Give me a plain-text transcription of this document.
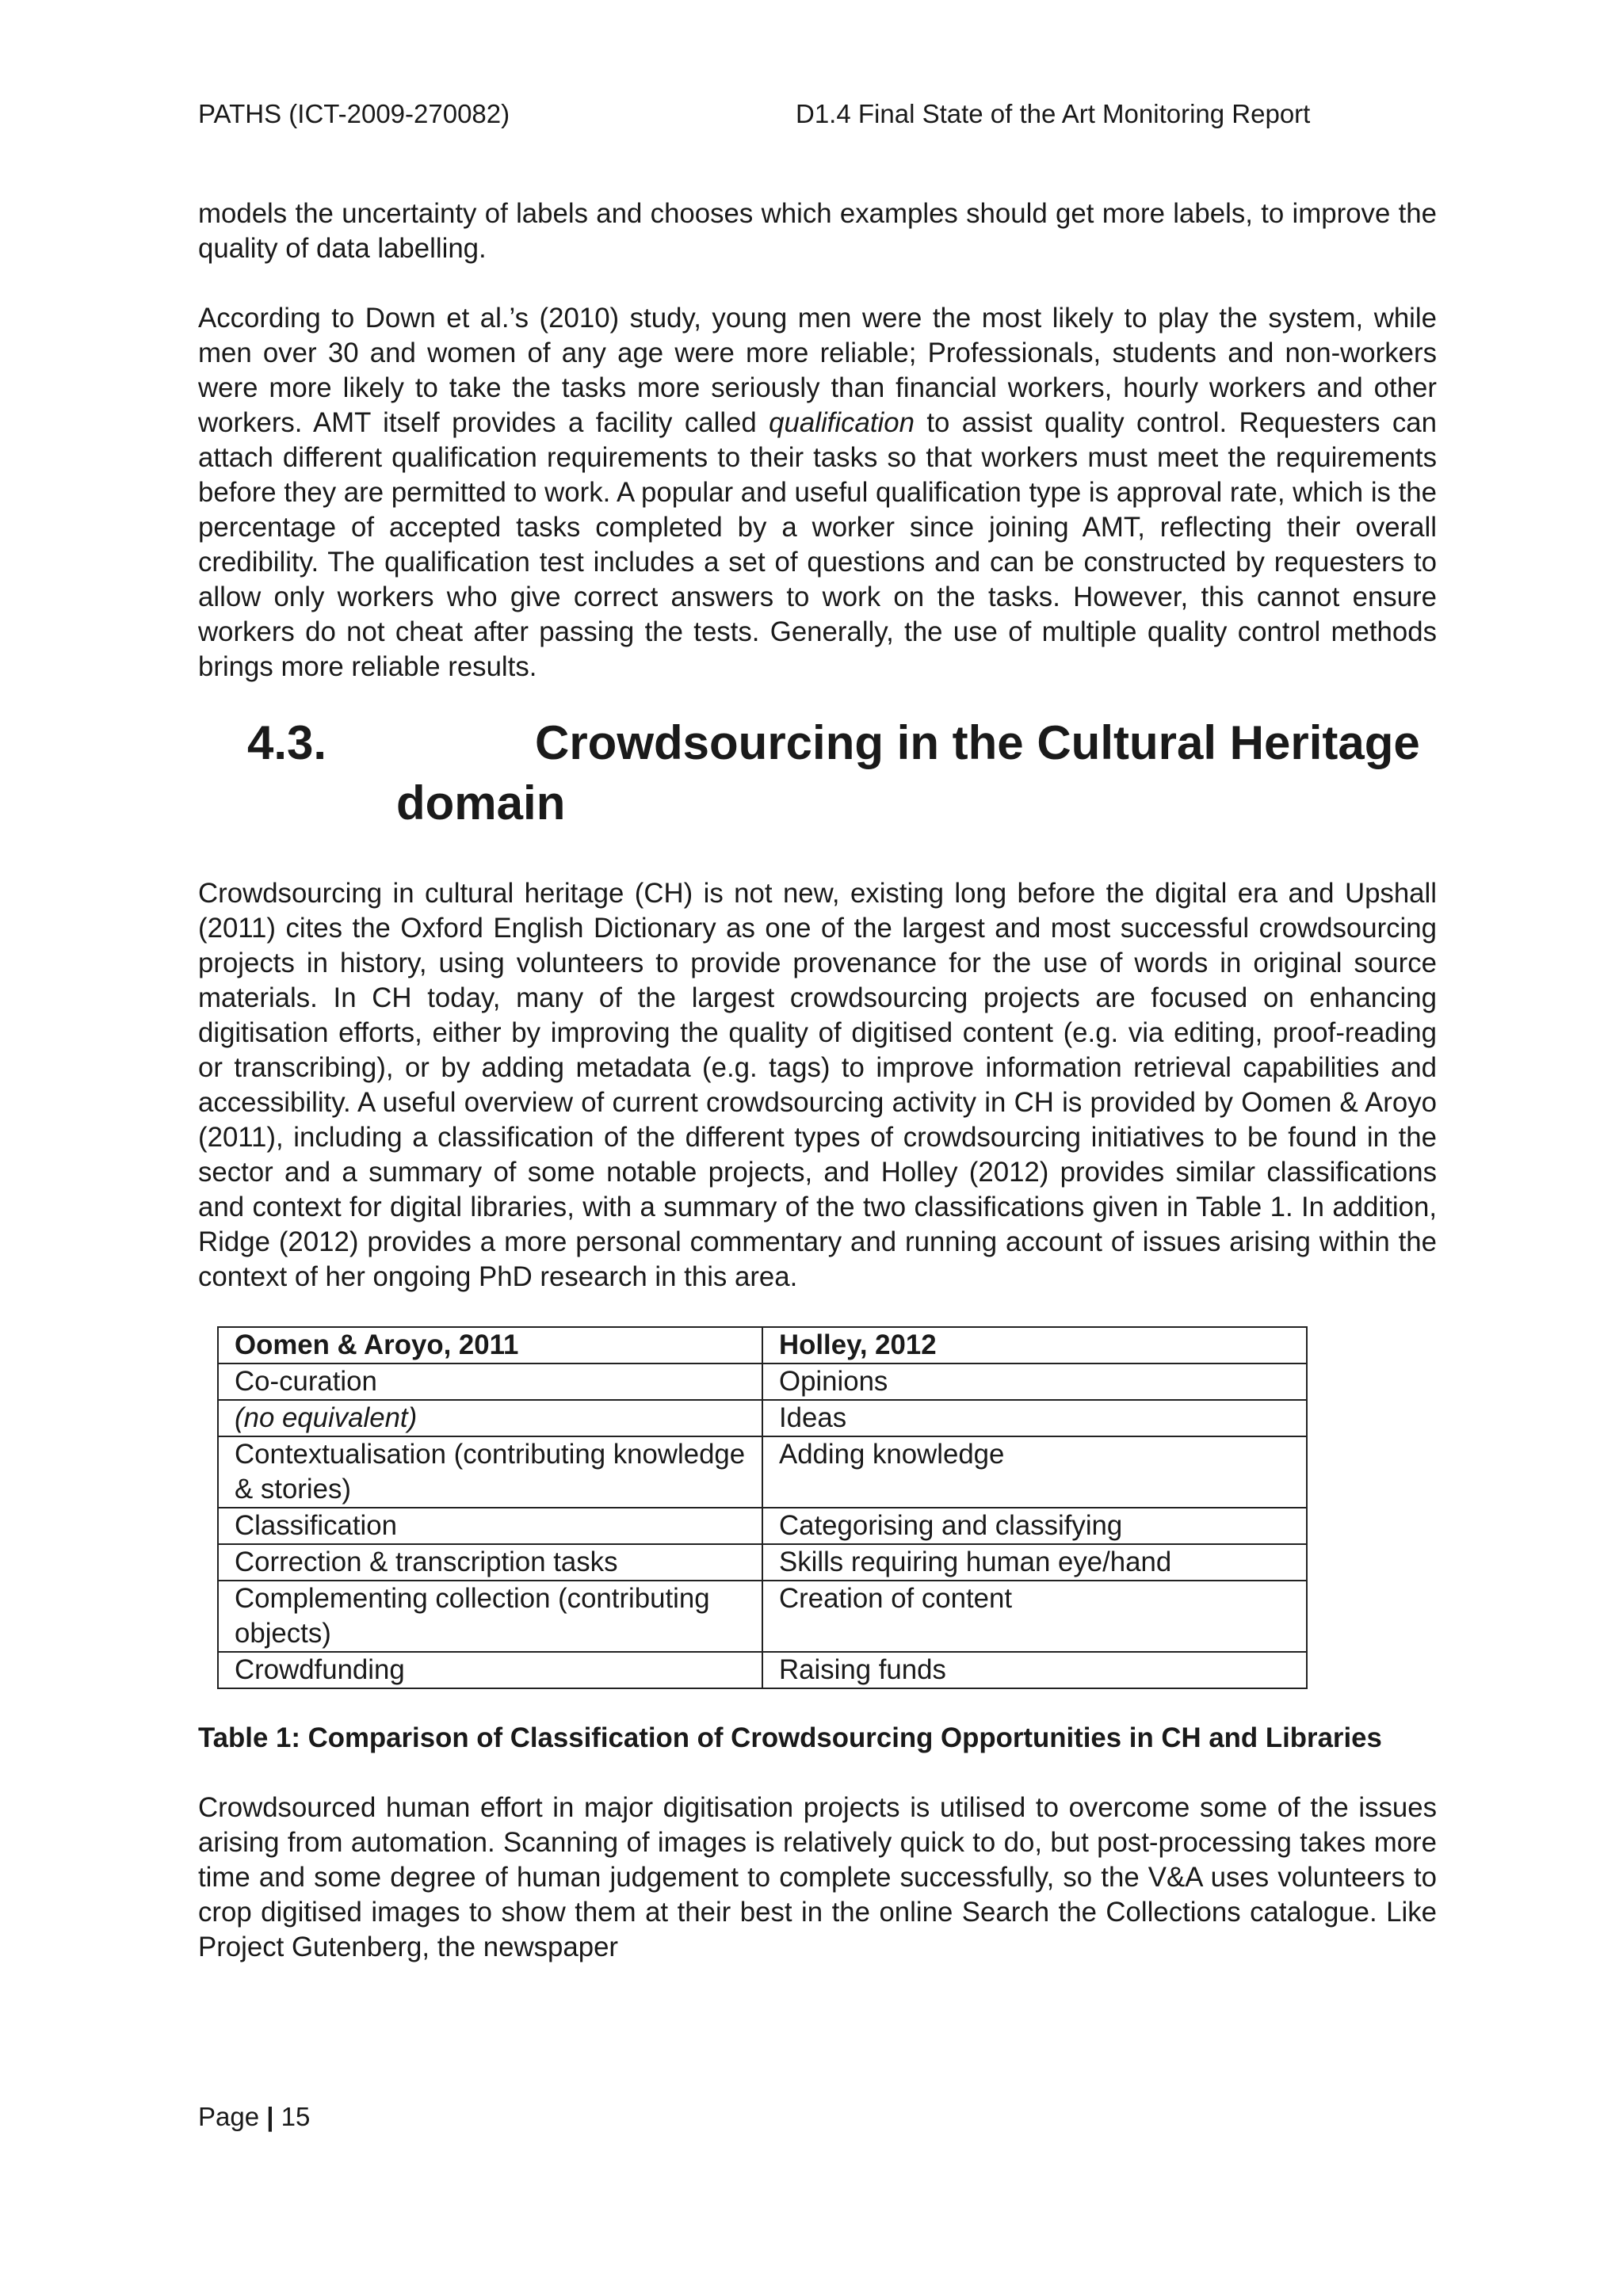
PATHS (ICT-2009-270082)	D1.4 Final State of the Art Monitoring Report

models the uncertainty of labels and chooses which examples should get more labels, to improve the quality of data labelling.

According to Down et al.’s (2010) study, young men were the most likely to play the system, while men over 30 and women of any age were more reliable; Professionals, students and non-workers were more likely to take the tasks more seriously than financial workers, hourly workers and other workers. AMT itself provides a facility called qualification to assist quality control. Requesters can attach different qualification requirements to their tasks so that workers must meet the requirements before they are permitted to work. A popular and useful qualification type is approval rate, which is the percentage of accepted tasks completed by a worker since joining AMT, reflecting their overall credibility. The qualification test includes a set of questions and can be constructed by requesters to allow only workers who give correct answers to work on the tasks. However, this cannot ensure workers do not cheat after passing the tests. Generally, the use of multiple quality control methods brings more reliable results.

4.3.	Crowdsourcing in the Cultural Heritage domain

Crowdsourcing in cultural heritage (CH) is not new, existing long before the digital era and Upshall (2011) cites the Oxford English Dictionary as one of the largest and most successful crowdsourcing projects in history, using volunteers to provide provenance for the use of words in original source materials. In CH today, many of the largest crowdsourcing projects are focused on enhancing digitisation efforts, either by improving the quality of digitised content (e.g. via editing, proof-reading or transcribing), or by adding metadata (e.g. tags) to improve information retrieval capabilities and accessibility. A useful overview of current crowdsourcing activity in CH is provided by Oomen & Aroyo (2011), including a classification of the different types of crowdsourcing initiatives to be found in the sector and a summary of some notable projects, and Holley (2012) provides similar classifications and context for digital libraries, with a summary of the two classifications given in Table 1. In addition, Ridge (2012) provides a more personal commentary and running account of issues arising within the context of her ongoing PhD research in this area.

Oomen & Aroyo, 2011	Holley, 2012
Co-curation	Opinions
(no equivalent)	Ideas
Contextualisation (contributing knowledge & stories)	Adding knowledge
Classification	Categorising and classifying
Correction & transcription tasks	Skills requiring human eye/hand
Complementing collection (contributing objects)	Creation of content
Crowdfunding	Raising funds

Table 1: Comparison of Classification of Crowdsourcing Opportunities in CH and Libraries

Crowdsourced human effort in major digitisation projects is utilised to overcome some of the issues arising from automation. Scanning of images is relatively quick to do, but post-processing takes more time and some degree of human judgement to complete successfully, so the V&A uses volunteers to crop digitised images to show them at their best in the online Search the Collections catalogue. Like Project Gutenberg, the newspaper

Page | 15
